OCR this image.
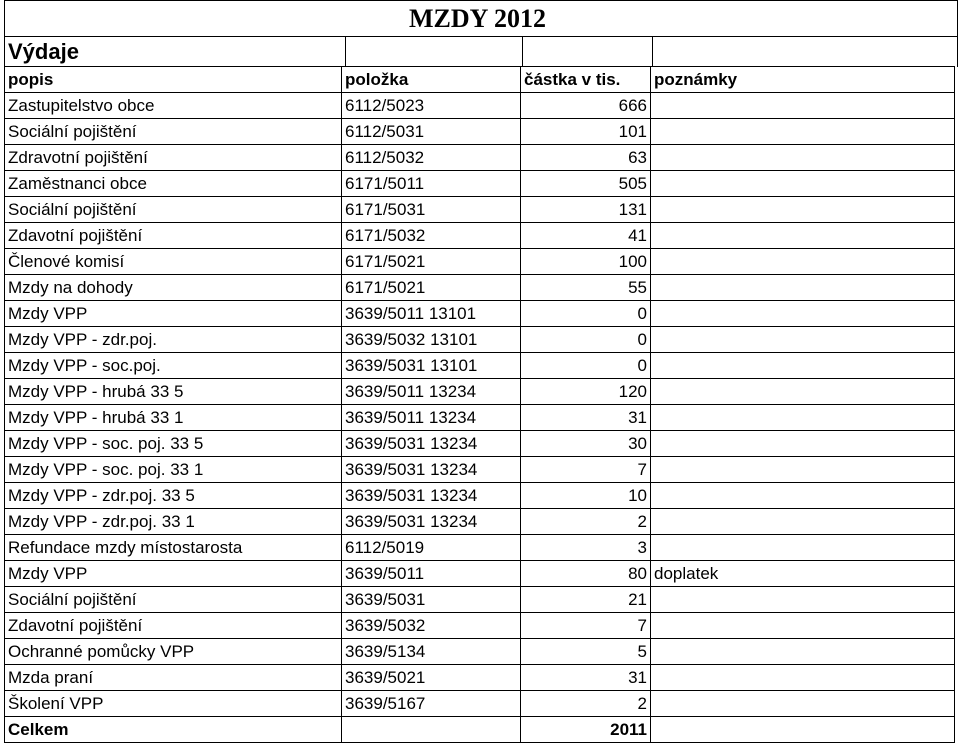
MZDY 2012
Výdaje
popis	položka	částka v tis.	poznámky
Zastupitelstvo obce	6112/5023	666	
Sociální pojištění	6112/5031	101	
Zdravotní pojištění	6112/5032	63	
Zaměstnanci obce	6171/5011	505	
Sociální pojištění	6171/5031	131	
Zdavotní pojištění	6171/5032	41	
Členové komisí	6171/5021	100	
Mzdy na dohody	6171/5021	55	
Mzdy VPP	3639/5011 13101	0	
Mzdy VPP - zdr.poj.	3639/5032 13101	0	
Mzdy VPP - soc.poj.	3639/5031 13101	0	
Mzdy VPP - hrubá 33 5	3639/5011 13234	120	
Mzdy VPP - hrubá 33 1	3639/5011 13234	31	
Mzdy VPP - soc. poj. 33 5	3639/5031 13234	30	
Mzdy VPP - soc. poj. 33 1	3639/5031 13234	7	
Mzdy VPP - zdr.poj. 33 5	3639/5031 13234	10	
Mzdy VPP - zdr.poj. 33 1	3639/5031 13234	2	
Refundace mzdy místostarosta	6112/5019	3	
Mzdy VPP	3639/5011	80	doplatek
Sociální pojištění	3639/5031	21	
Zdavotní pojištění	3639/5032	7	
Ochranné pomůcky VPP	3639/5134	5	
Mzda praní	3639/5021	31	
Školení VPP	3639/5167	2	
Celkem		2011	
